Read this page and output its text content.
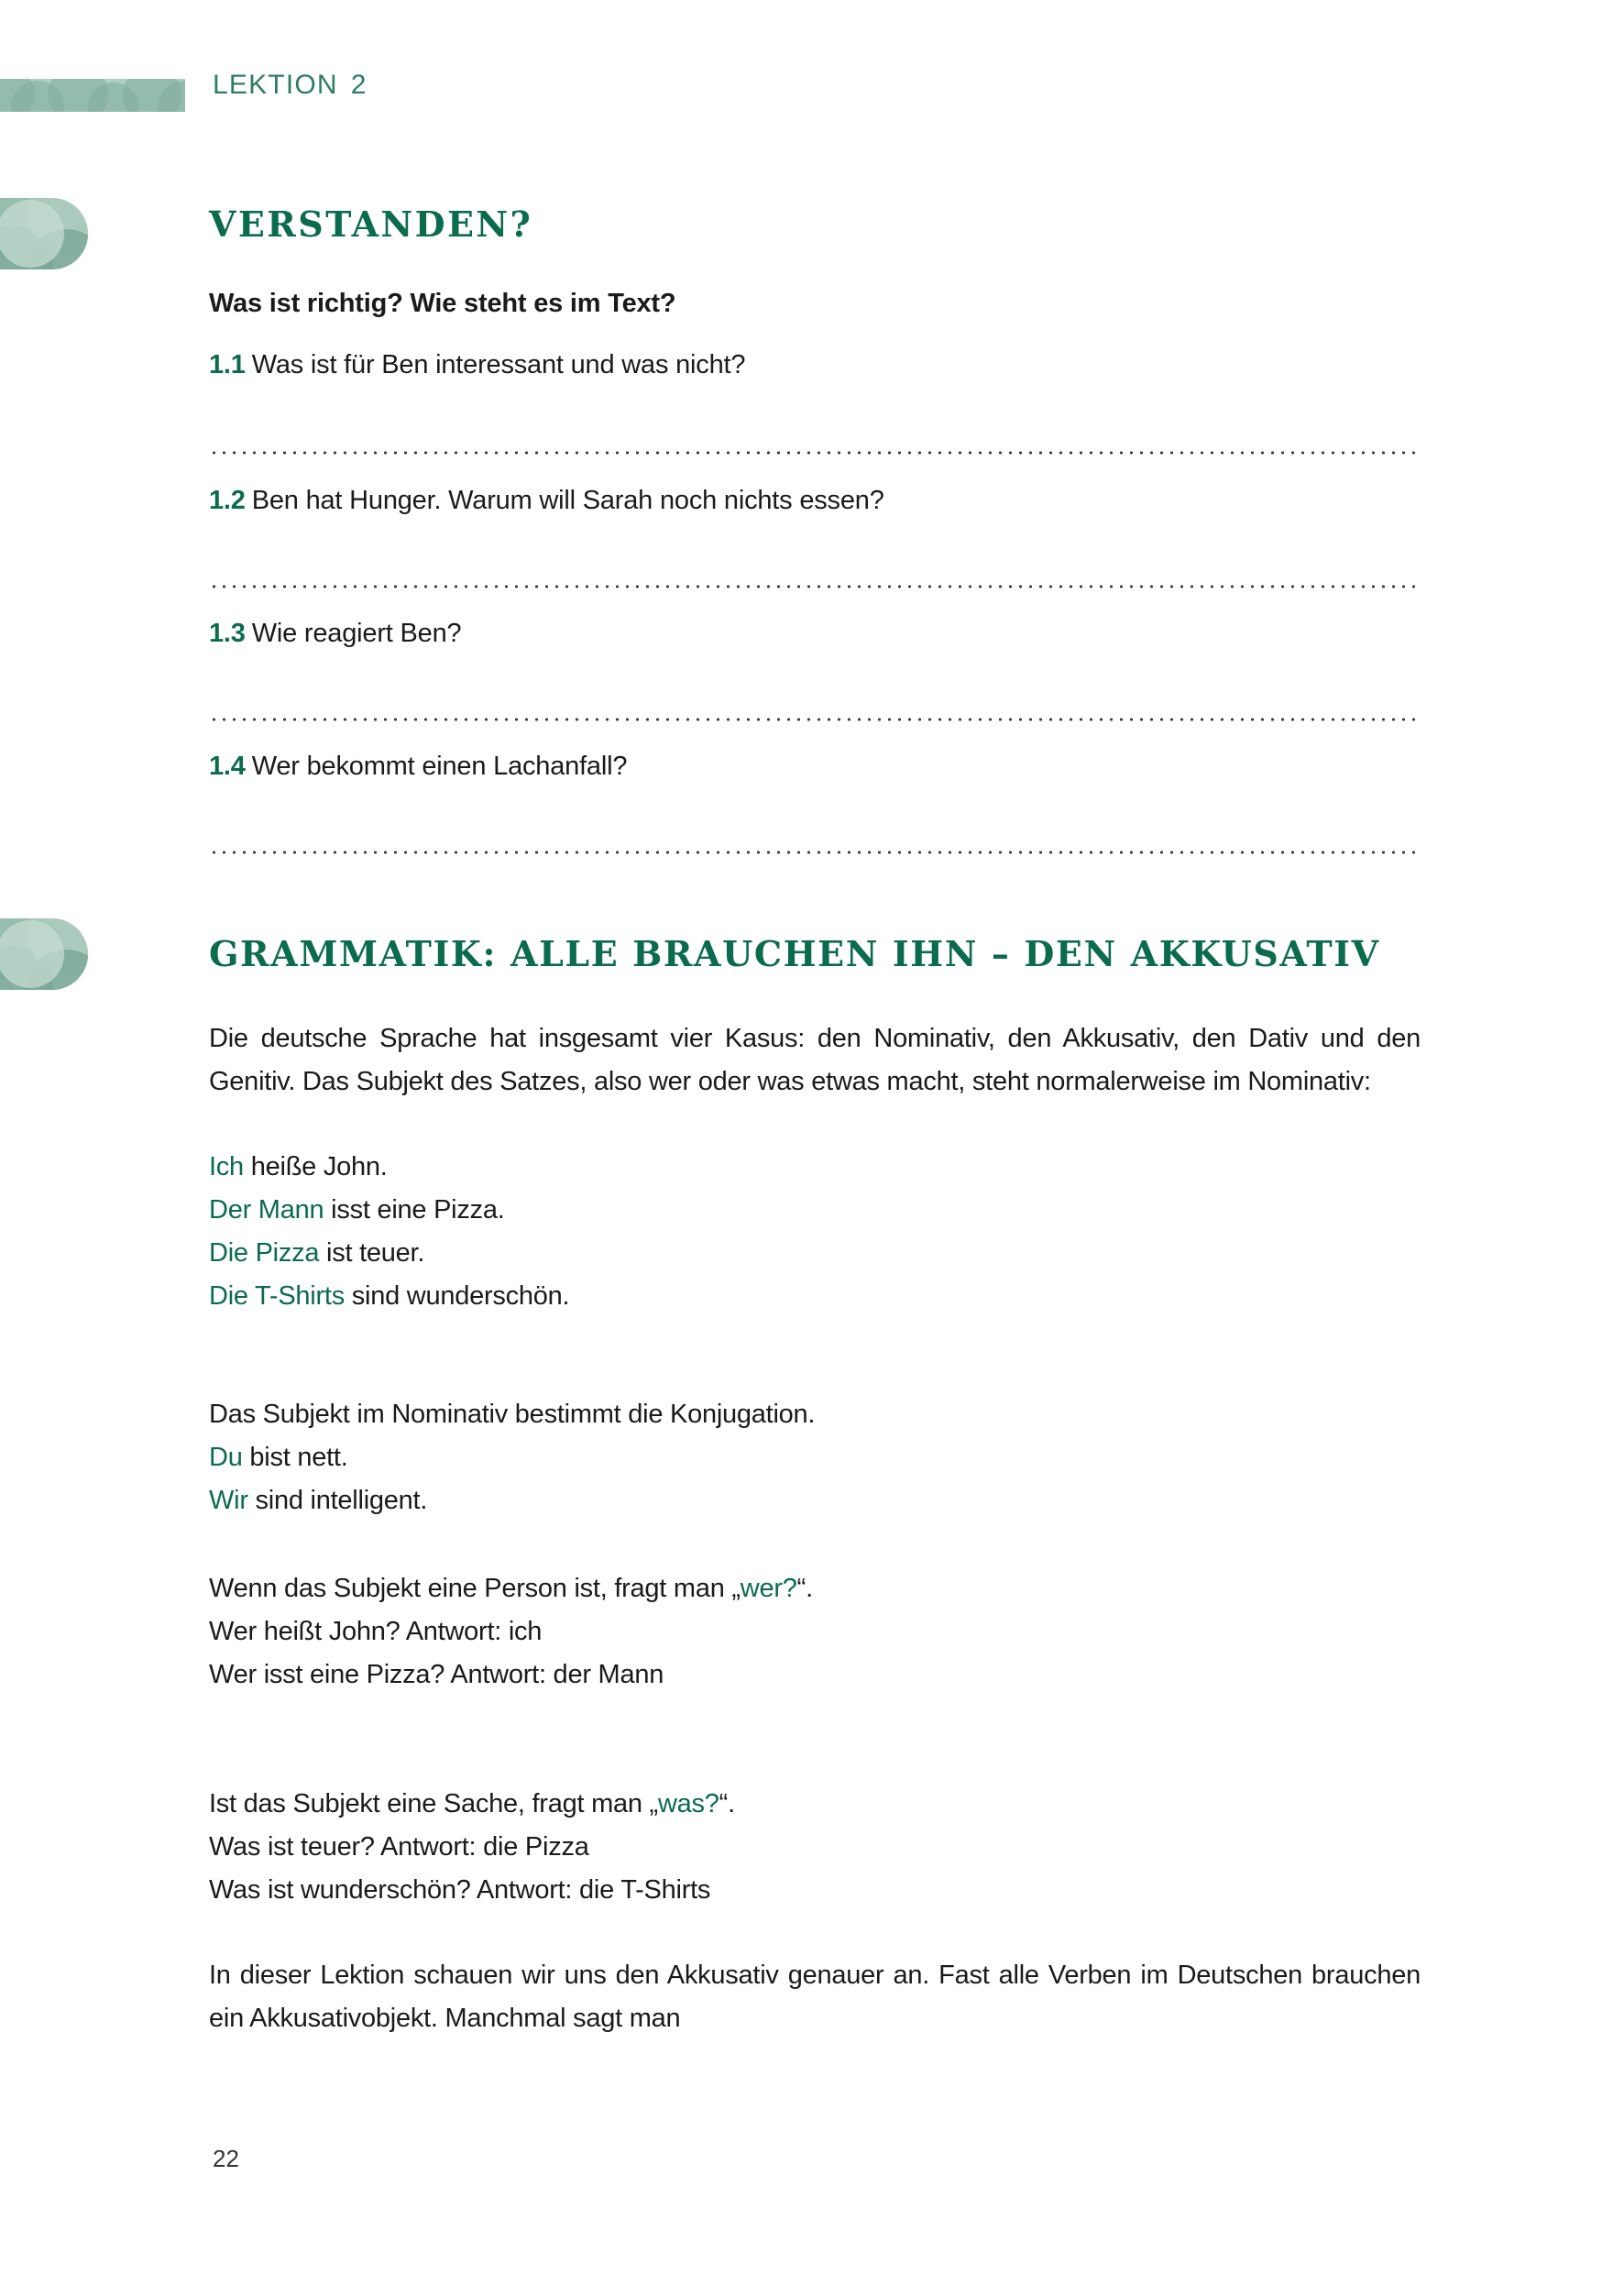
LEKTION 2
VERSTANDEN?
Was ist richtig? Wie steht es im Text?
1.1 Was ist für Ben interessant und was nicht?
1.2 Ben hat Hunger. Warum will Sarah noch nichts essen?
1.3 Wie reagiert Ben?
1.4 Wer bekommt einen Lachanfall?
GRAMMATIK: ALLE BRAUCHEN IHN – DEN AKKUSATIV
Die deutsche Sprache hat insgesamt vier Kasus: den Nominativ, den Akkusativ, den Dativ und den Genitiv. Das Subjekt des Satzes, also wer oder was etwas macht, steht normalerweise im Nominativ:
Ich heiße John.
Der Mann isst eine Pizza.
Die Pizza ist teuer.
Die T-Shirts sind wunderschön.
Das Subjekt im Nominativ bestimmt die Konjugation.
Du bist nett.
Wir sind intelligent.
Wenn das Subjekt eine Person ist, fragt man „wer?“.
Wer heißt John? Antwort: ich
Wer isst eine Pizza? Antwort: der Mann
Ist das Subjekt eine Sache, fragt man „was?“.
Was ist teuer? Antwort: die Pizza
Was ist wunderschön? Antwort: die T-Shirts
In dieser Lektion schauen wir uns den Akkusativ genauer an. Fast alle Verben im Deutschen brauchen ein Akkusativobjekt. Manchmal sagt man
22
